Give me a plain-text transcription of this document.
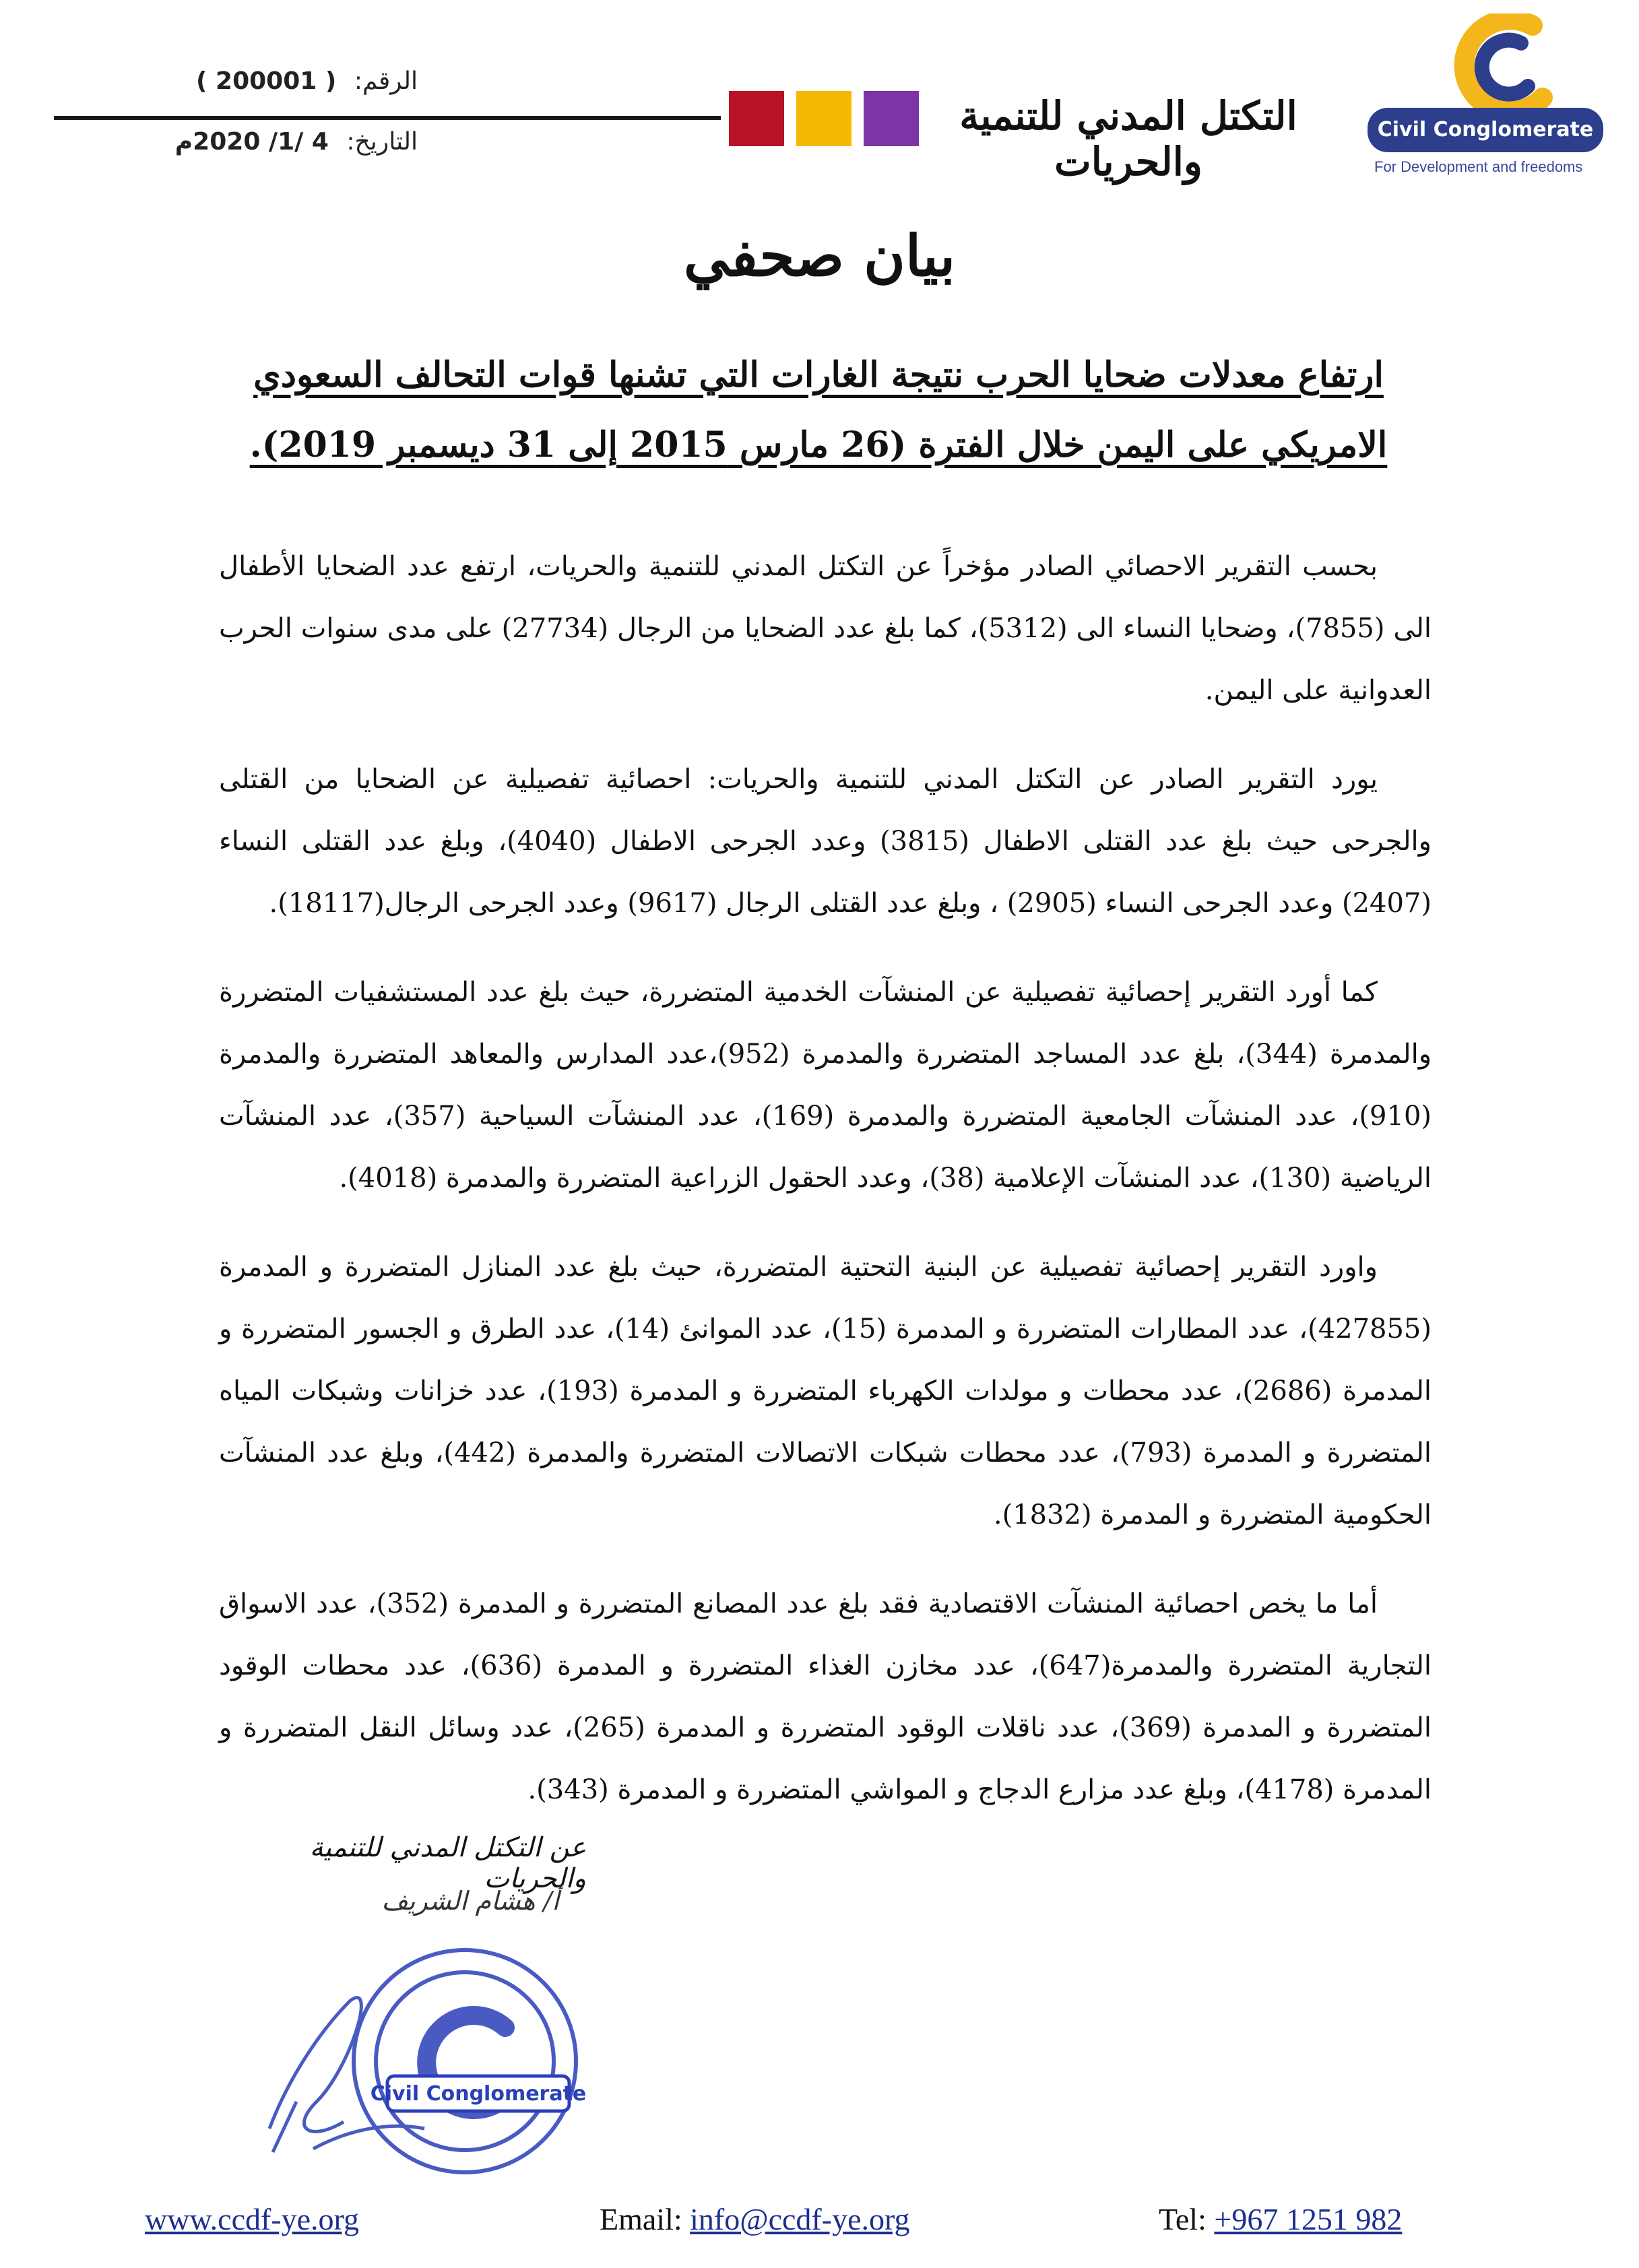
الرقم: ( 200001 )
التاريخ: 4 /1/ 2020م
التكتل المدني للتنمية والحريات
Civil Conglomerate
For Development and freedoms
بيان صحفي
ارتفاع معدلات ضحايا الحرب نتيجة الغارات التي تشنها قوات التحالف السعودي الامريكي على اليمن خلال الفترة (26 مارس 2015 إلى 31 ديسمبر 2019).

بحسب التقرير الاحصائي الصادر مؤخراً عن التكتل المدني للتنمية والحريات، ارتفع عدد الضحايا الأطفال الى (7855)، وضحايا النساء الى (5312)، كما بلغ عدد الضحايا من الرجال (27734) على مدى سنوات الحرب العدوانية على اليمن.

يورد التقرير الصادر عن التكتل المدني للتنمية والحريات: احصائية تفصيلية عن الضحايا من القتلى والجرحى حيث بلغ عدد القتلى الاطفال (3815) وعدد الجرحى الاطفال (4040)، وبلغ عدد القتلى النساء (2407) وعدد الجرحى النساء (2905) ، وبلغ عدد القتلى الرجال (9617) وعدد الجرحى الرجال(18117).

كما أورد التقرير إحصائية تفصيلية عن المنشآت الخدمية المتضررة، حيث بلغ عدد المستشفيات المتضررة والمدمرة (344)، بلغ عدد المساجد المتضررة والمدمرة (952)،عدد المدارس والمعاهد المتضررة والمدمرة (910)، عدد المنشآت الجامعية المتضررة والمدمرة (169)، عدد المنشآت السياحية (357)، عدد المنشآت الرياضية (130)، عدد المنشآت الإعلامية (38)، وعدد الحقول الزراعية المتضررة والمدمرة (4018).

واورد التقرير إحصائية تفصيلية عن البنية التحتية المتضررة، حيث بلغ عدد المنازل المتضررة و المدمرة (427855)، عدد المطارات المتضررة و المدمرة (15)، عدد الموانئ (14)، عدد الطرق و الجسور المتضررة و المدمرة (2686)، عدد محطات و مولدات الكهرباء المتضررة و المدمرة (193)، عدد خزانات وشبكات المياه المتضررة و المدمرة (793)، عدد محطات شبكات الاتصالات المتضررة والمدمرة (442)، وبلغ عدد المنشآت الحكومية المتضررة و المدمرة (1832).

أما ما يخص احصائية المنشآت الاقتصادية فقد بلغ عدد المصانع المتضررة و المدمرة (352)، عدد الاسواق التجارية المتضررة والمدمرة(647)، عدد مخازن الغذاء المتضررة و المدمرة (636)، عدد محطات الوقود المتضررة و المدمرة (369)، عدد ناقلات الوقود المتضررة و المدمرة (265)، عدد وسائل النقل المتضررة و المدمرة (4178)، وبلغ عدد مزارع الدجاج و المواشي المتضررة و المدمرة (343).

عن التكتل المدني للتنمية والحريات
أ/ هشام الشريف
Civil Conglomerate
www.ccdf-ye.org	Email: info@ccdf-ye.org	Tel: +967 1251 982
